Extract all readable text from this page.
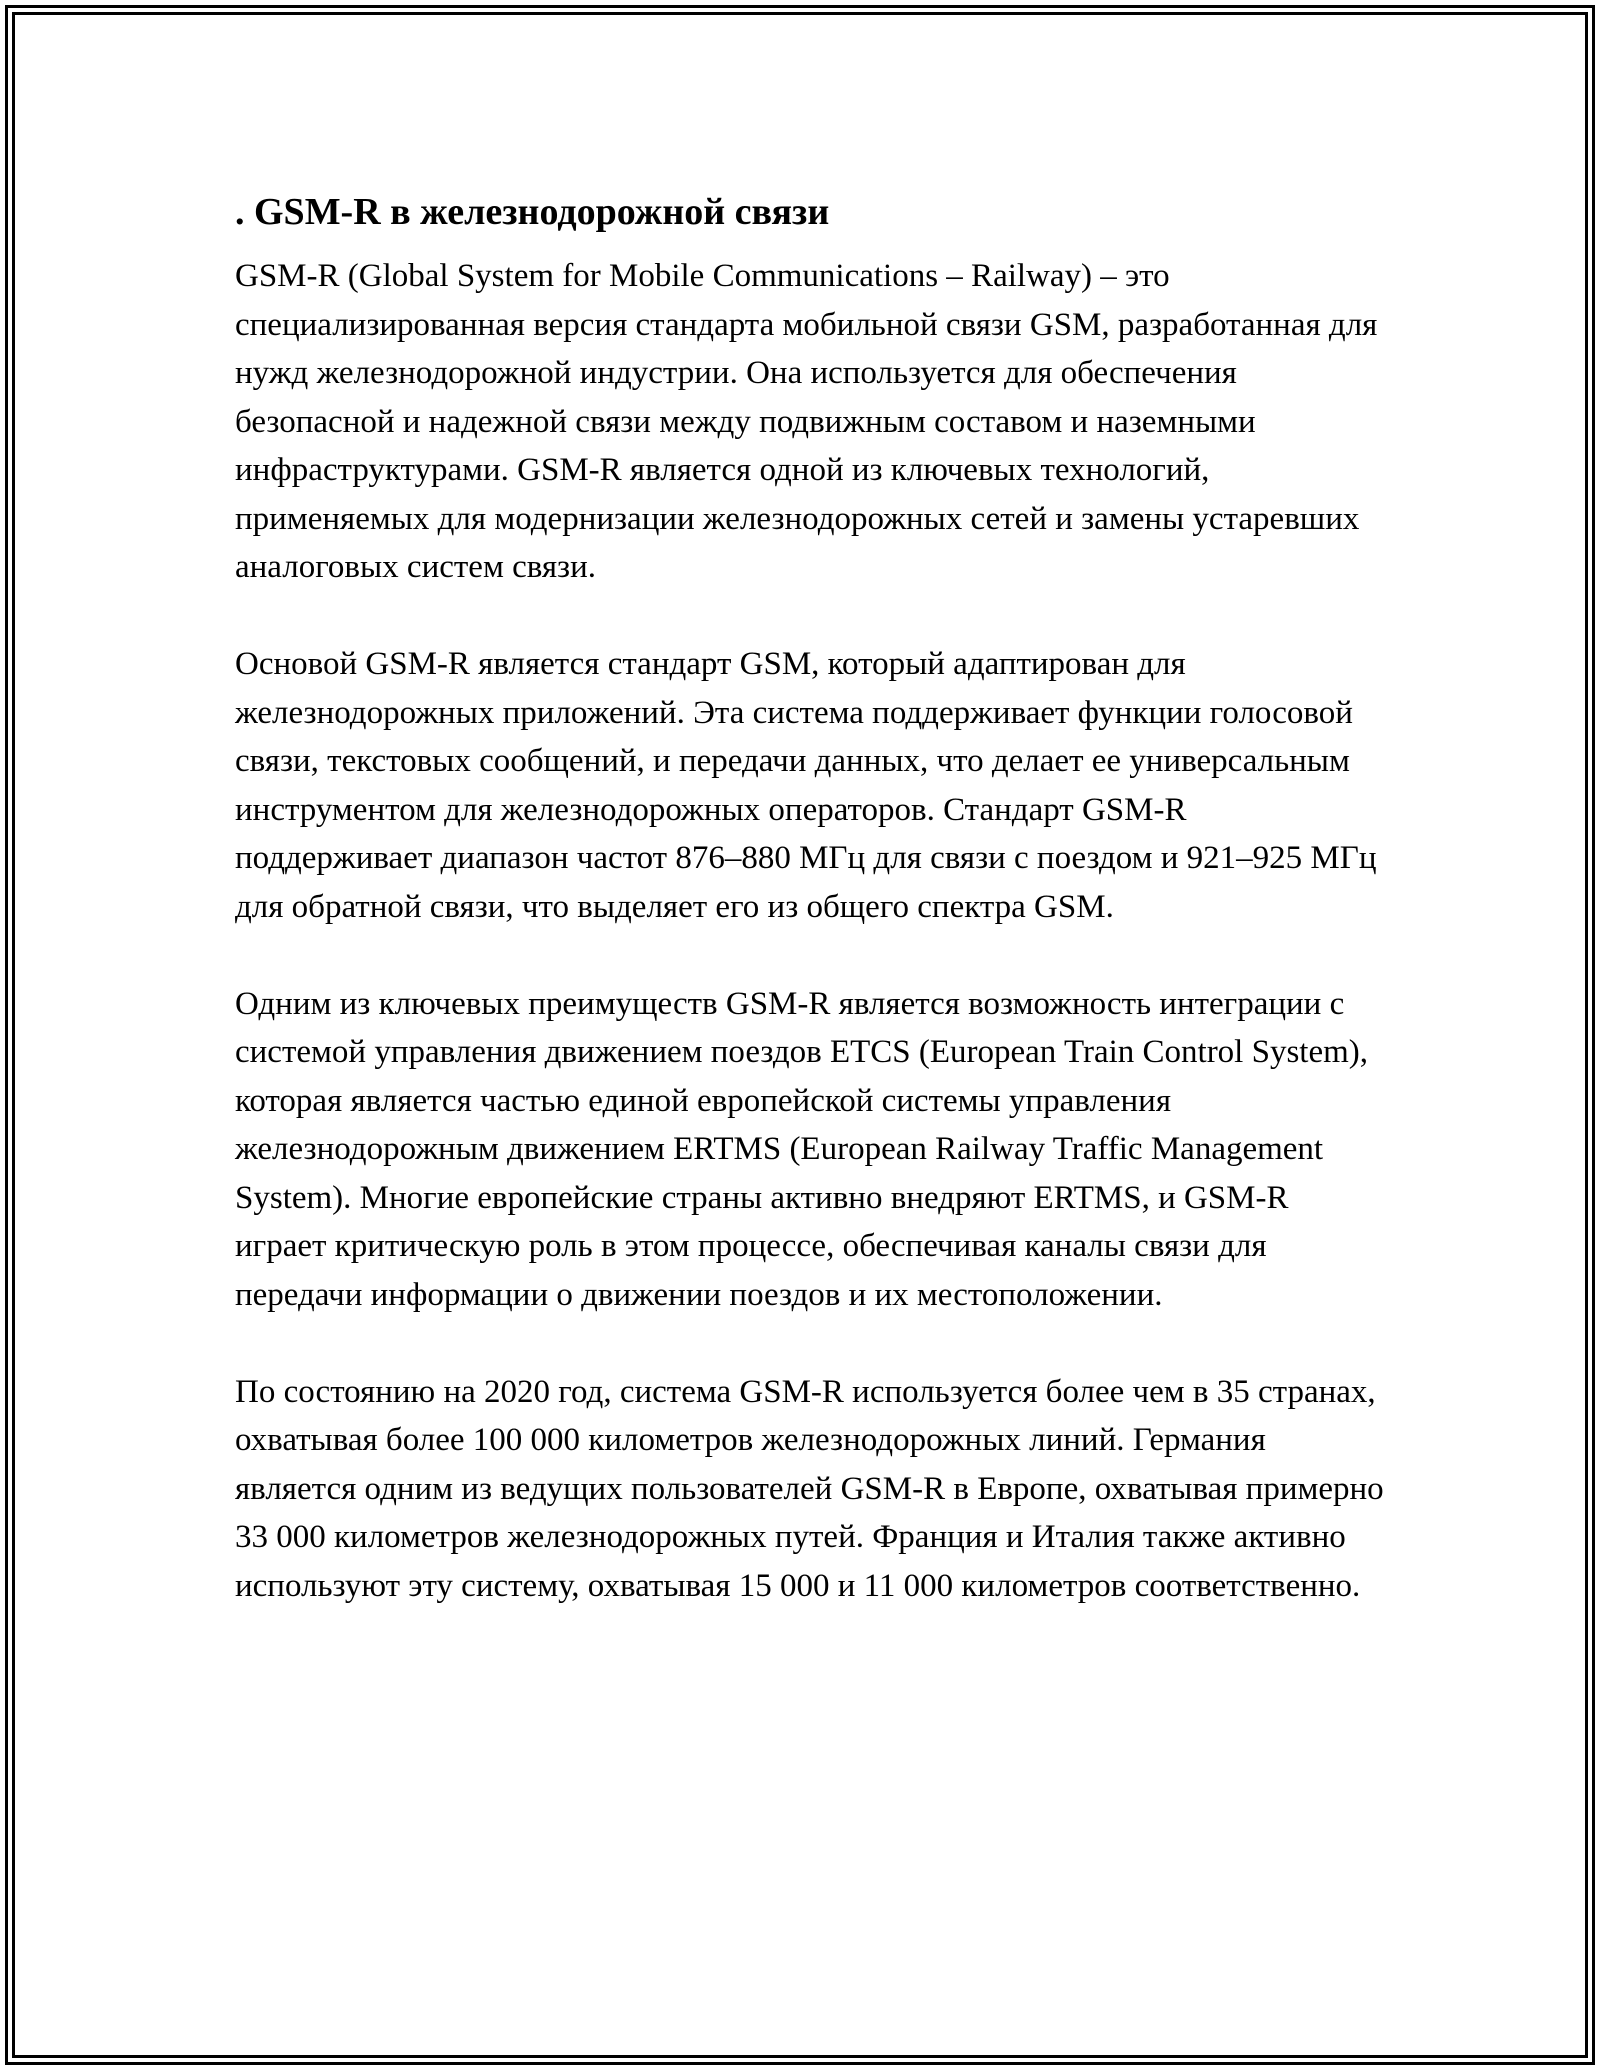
. GSM-R в железнодорожной связи

GSM-R (Global System for Mobile Communications – Railway) – это специализированная версия стандарта мобильной связи GSM, разработанная для нужд железнодорожной индустрии. Она используется для обеспечения безопасной и надежной связи между подвижным составом и наземными инфраструктурами. GSM-R является одной из ключевых технологий, применяемых для модернизации железнодорожных сетей и замены устаревших аналоговых систем связи.

Основой GSM-R является стандарт GSM, который адаптирован для железнодорожных приложений. Эта система поддерживает функции голосовой связи, текстовых сообщений, и передачи данных, что делает ее универсальным инструментом для железнодорожных операторов. Стандарт GSM-R поддерживает диапазон частот 876–880 МГц для связи с поездом и 921–925 МГц для обратной связи, что выделяет его из общего спектра GSM.

Одним из ключевых преимуществ GSM-R является возможность интеграции с системой управления движением поездов ETCS (European Train Control System), которая является частью единой европейской системы управления железнодорожным движением ERTMS (European Railway Traffic Management System). Многие европейские страны активно внедряют ERTMS, и GSM-R играет критическую роль в этом процессе, обеспечивая каналы связи для передачи информации о движении поездов и их местоположении.

По состоянию на 2020 год, система GSM-R используется более чем в 35 странах, охватывая более 100 000 километров железнодорожных линий. Германия является одним из ведущих пользователей GSM-R в Европе, охватывая примерно 33 000 километров железнодорожных путей. Франция и Италия также активно используют эту систему, охватывая 15 000 и 11 000 километров соответственно.
